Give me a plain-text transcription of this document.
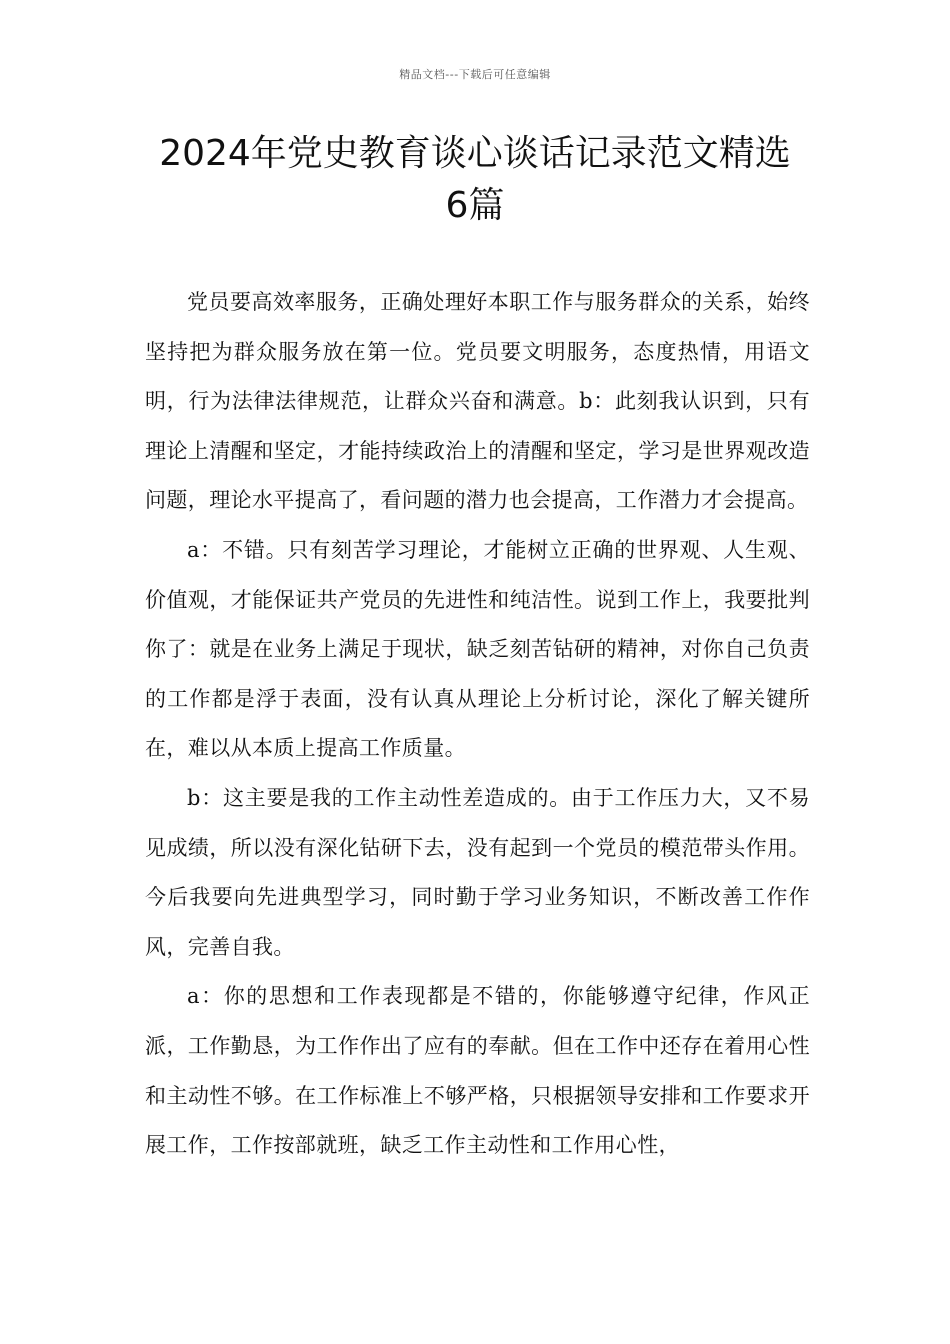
精品文档---下载后可任意编辑
2024年党史教育谈心谈话记录范文精选
6篇

党员要高效率服务，正确处理好本职工作与服务群众的关系，始终坚持把为群众服务放在第一位。党员要文明服务，态度热情，用语文明，行为法律法律规范，让群众兴奋和满意。b：此刻我认识到，只有理论上清醒和坚定，才能持续政治上的清醒和坚定，学习是世界观改造问题，理论水平提高了，看问题的潜力也会提高，工作潜力才会提高。

a：不错。只有刻苦学习理论，才能树立正确的世界观、人生观、价值观，才能保证共产党员的先进性和纯洁性。说到工作上，我要批判你了：就是在业务上满足于现状，缺乏刻苦钻研的精神，对你自己负责的工作都是浮于表面，没有认真从理论上分析讨论，深化了解关键所在，难以从本质上提高工作质量。

b：这主要是我的工作主动性差造成的。由于工作压力大，又不易见成绩，所以没有深化钻研下去，没有起到一个党员的模范带头作用。今后我要向先进典型学习，同时勤于学习业务知识，不断改善工作作风，完善自我。

a：你的思想和工作表现都是不错的，你能够遵守纪律，作风正派，工作勤恳，为工作作出了应有的奉献。但在工作中还存在着用心性和主动性不够。在工作标准上不够严格，只根据领导安排和工作要求开展工作，工作按部就班，缺乏工作主动性和工作用心性，
